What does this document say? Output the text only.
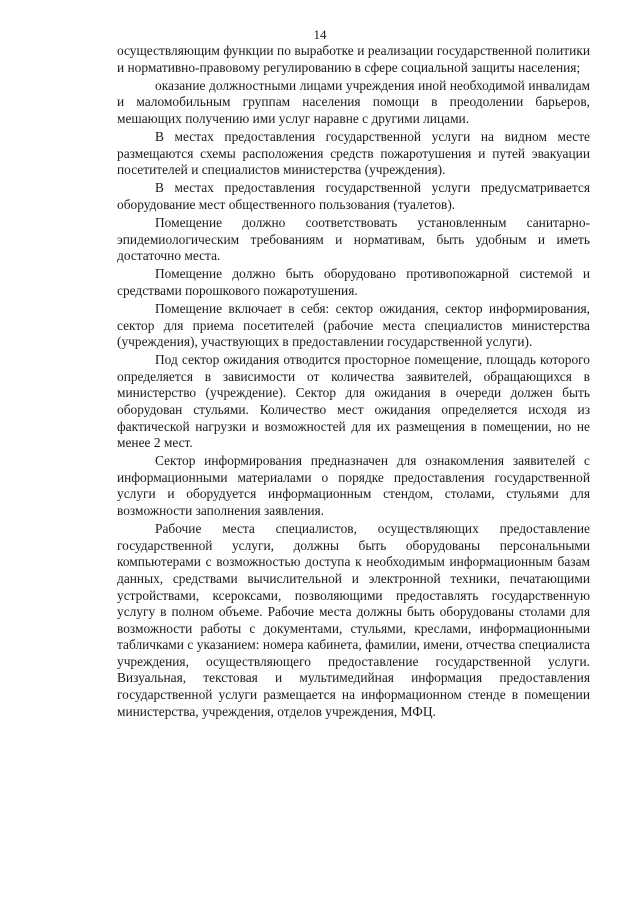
14

осуществляющим функции по выработке и реализации государственной политики и нормативно-правовому регулированию в сфере социальной защиты населения;

оказание должностными лицами учреждения иной необходимой инвалидам и маломобильным группам населения помощи в преодолении барьеров, мешающих получению ими услуг наравне с другими лицами.

В местах предоставления государственной услуги на видном месте размещаются схемы расположения средств пожаротушения и путей эвакуации посетителей и специалистов министерства (учреждения).

В местах предоставления государственной услуги предусматривается оборудование мест общественного пользования (туалетов).

Помещение должно соответствовать установленным санитарно-эпидемиологическим требованиям и нормативам, быть удобным и иметь достаточно места.

Помещение должно быть оборудовано противопожарной системой и средствами порошкового пожаротушения.

Помещение включает в себя: сектор ожидания, сектор информирования, сектор для приема посетителей (рабочие места специалистов министерства (учреждения), участвующих в предоставлении государственной услуги).

Под сектор ожидания отводится просторное помещение, площадь которого определяется в зависимости от количества заявителей, обращающихся в министерство (учреждение). Сектор для ожидания в очереди должен быть оборудован стульями. Количество мест ожидания определяется исходя из фактической нагрузки и возможностей для их размещения в помещении, но не менее 2 мест.

Сектор информирования предназначен для ознакомления заявителей с информационными материалами о порядке предоставления государственной услуги и оборудуется информационным стендом, столами, стульями для возможности заполнения заявления.

Рабочие места специалистов, осуществляющих предоставление государственной услуги, должны быть оборудованы персональными компьютерами с возможностью доступа к необходимым информационным базам данных, средствами вычислительной и электронной техники, печатающими устройствами, ксероксами, позволяющими предоставлять государственную услугу в полном объеме. Рабочие места должны быть оборудованы столами для возможности работы с документами, стульями, креслами, информационными табличками с указанием: номера кабинета, фамилии, имени, отчества специалиста учреждения, осуществляющего предоставление государственной услуги. Визуальная, текстовая и мультимедийная информация предоставления государственной услуги размещается на информационном стенде в помещении министерства, учреждения, отделов учреждения, МФЦ.
